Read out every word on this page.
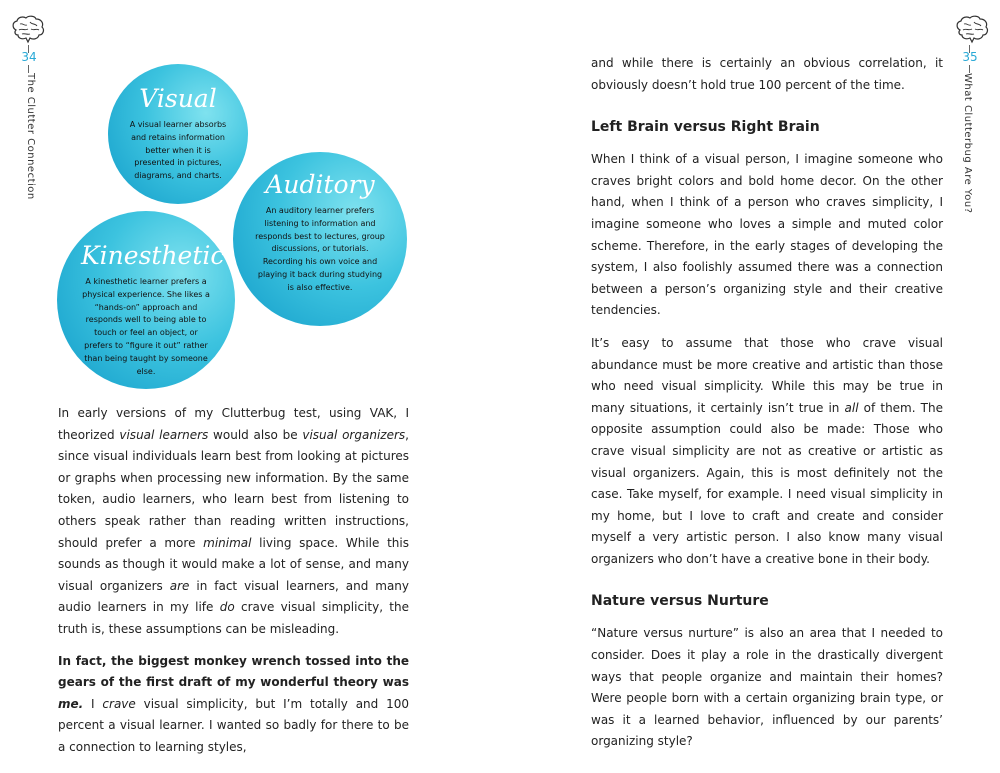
34
The Clutter Connection
35
What Clutterbug Are You?
Visual
A visual learner absorbs and retains information better when it is presented in pictures, diagrams, and charts.	Auditory
An auditory learner prefers listening to information and responds best to lectures, group discussions, or tutorials. Recording his own voice and playing it back during studying is also effective.
Kinesthetic
A kinesthetic learner prefers a physical experience. She likes a “hands-on” approach and responds well to being able to touch or feel an object, or prefers to “figure it out” rather than being taught by someone else.

In early versions of my Clutterbug test, using VAK, I theorized visual learners would also be visual organizers, since visual individuals learn best from looking at pictures or graphs when processing new information. By the same token, audio learners, who learn best from listening to others speak rather than reading written instructions, should prefer a more minimal living space. While this sounds as though it would make a lot of sense, and many visual organizers are in fact visual learners, and many audio learners in my life do crave visual simplicity, the truth is, these assumptions can be misleading.

In fact, the biggest monkey wrench tossed into the gears of the first draft of my wonderful theory was me. I crave visual simplicity, but I’m totally and 100 percent a visual learner. I wanted so badly for there to be a connection to learning styles,

and while there is certainly an obvious correlation, it obviously doesn’t hold true 100 percent of the time.

Left Brain versus Right Brain

When I think of a visual person, I imagine someone who craves bright colors and bold home decor. On the other hand, when I think of a person who craves simplicity, I imagine someone who loves a simple and muted color scheme. Therefore, in the early stages of developing the system, I also foolishly assumed there was a connection between a person’s organizing style and their creative tendencies.

It’s easy to assume that those who crave visual abundance must be more creative and artistic than those who need visual simplicity. While this may be true in many situations, it certainly isn’t true in all of them. The opposite assumption could also be made: Those who crave visual simplicity are not as creative or artistic as visual organizers. Again, this is most definitely not the case. Take myself, for example. I need visual simplicity in my home, but I love to craft and create and consider myself a very artistic person. I also know many visual organizers who don’t have a creative bone in their body.

Nature versus Nurture

“Nature versus nurture” is also an area that I needed to consider. Does it play a role in the drastically divergent ways that people organize and maintain their homes? Were people born with a certain organizing brain type, or was it a learned behavior, influenced by our parents’ organizing style?
